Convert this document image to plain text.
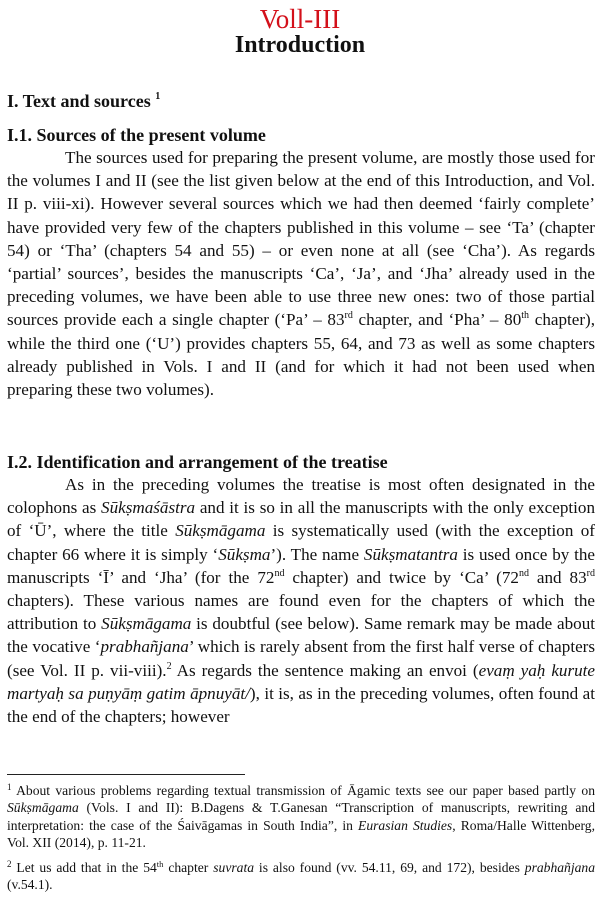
Voll-III
Introduction
I. Text and sources $^1$
I.1. Sources of the present volume

The sources used for preparing the present volume, are mostly those used for the volumes I and II (see the list given below at the end of this Introduction, and Vol. II p. viii-xi). However several sources which we had then deemed ‘fairly complete’ have provided very few of the chapters published in this volume – see ‘Ta’ (chapter 54) or ‘Tha’ (chapters 54 and 55) – or even none at all (see ‘Cha’). As regards ‘partial’ sources’, besides the manuscripts ‘Ca’, ‘Ja’, and ‘Jha’ already used in the preceding volumes, we have been able to use three new ones: two of those partial sources provide each a single chapter (‘Pa’ – 83rd chapter, and ‘Pha’ – 80th chapter), while the third one (‘U’) provides chapters 55, 64, and 73 as well as some chapters already published in Vols. I and II (and for which it had not been used when preparing these two volumes).

I.2. Identification and arrangement of the treatise

As in the preceding volumes the treatise is most often designated in the colophons as Sūkṣmaśāstra and it is so in all the manuscripts with the only exception of ‘Ū’, where the title Sūkṣmāgama is systematically used (with the exception of chapter 66 where it is simply ‘Sūkṣma’). The name Sūkṣmatantra is used once by the manuscripts ‘Ī’ and ‘Jha’ (for the 72nd chapter) and twice by ‘Ca’ (72nd and 83rd chapters). These various names are found even for the chapters of which the attribution to Sūkṣmāgama is doubtful (see below). Same remark may be made about the vocative ‘prabhañjana’ which is rarely absent from the first half verse of chapters (see Vol. II p. vii-viii).$^2$ As regards the sentence making an envoi (evaṃ yaḥ kurute martyaḥ sa puṇyāṃ gatim āpnuyāt/), it is, as in the preceding volumes, often found at the end of the chapters; however

$^1$ About various problems regarding textual transmission of Āgamic texts see our paper based partly on Sūkṣmāgama (Vols. I and II): B.Dagens & T.Ganesan “Transcription of manuscripts, rewriting and interpretation: the case of the Śaivāgamas in South India”, in Eurasian Studies, Roma/Halle Wittenberg, Vol. XII (2014), p. 11-21.

$^2$ Let us add that in the 54th chapter suvrata is also found (vv. 54.11, 69, and 172), besides prabhañjana (v.54.1).
